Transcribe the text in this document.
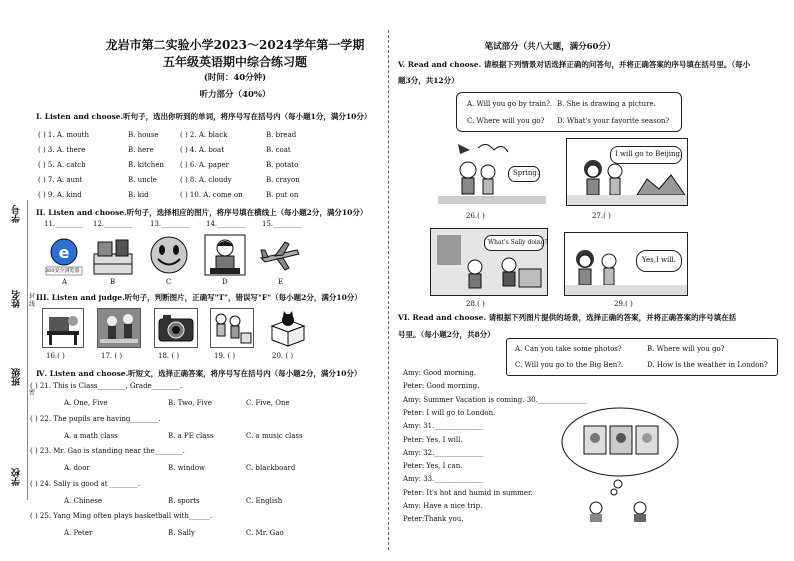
学号
姓名
班级
学校
封
线
密
龙岩市第二实验小学2023～2024学年第一学期
五年级英语期中综合练习题
(时间：40分钟)
听力部分（40%）
I. Listen and choose.听句子，选出你听到的单词，将序号写在括号内（每小题1分，满分10分）
( ) 1. A. mouth	B. house	( ) 2. A. black	B. bread
( ) 3. A. there	B. here	( ) 4. A. boat	B. coat
( ) 5. A. catch	B. kitchen ( ) 6. A. paper	B. potato
( ) 7. A. aunt	B. uncle	( ) 8. A. cloudy	B. crayon
( ) 9. A. kind	B. kid	( ) 10. A. come on	B. put on
II. Listen and choose.听句子，选择相应的图片，将序号填在横线上（每小题2分，满分10分）
11.________ 12.________	13.________ 14.________ 15.________
e
360安全浏览器
A	B	C	D	E
III. Listen and judge.听句子，判断图片，正确写"T"，错误写"F"（每小题2分，满分10分）
16.( )	17. ( )	18. ( )	19. ( )	20. ( )
Ⅳ. Listen and choose.听短文，选择正确答案，将序号写在括号内（每小题2分，满分10分）
( ) 21. This is Class________, Grade________.
A. One, Five	B. Two, Five	C. Five, One
( ) 22. The pupils are having________.
A. a math class	B. a PE class	C. a music class
( ) 23. Mr. Gao is standing near the________.
A. door	B. window	C. blackboard
( ) 24. Sally is good at ________.
A. Chinese	B. sports	C. English
( ) 25. Yang Ming often plays basketball with______.
A. Peter	B. Sally	C. Mr. Gao
笔试部分（共八大题，满分60分）
V. Read and choose. 请根据下列情景对话选择正确的问答句，并将正确答案的序号填在括号里。（每小
题3分，共12分）
A. Will you go by train?. B. She is drawing a picture.
C. Where will you go? D. What's your favorite season?
Spring.
I will go to Beijing.
26.( )	27.( )
What's Sally doing?
Yes,I will.
28.( )	29.( )
VI. Read and choose. 请根据下列图片提供的场景，选择正确的答案，并将正确答案的序号填在括
号里。（每小题2分，共8分）
A. Can you take some photos?	B. Where will you go?
C. Will you go to the Big Ben?.	D. How is the weather in London?
Amy: Good morning.
Peter: Good morning.
Amy: Summer Vacation is coming. 30.______________
Peter: I will go to London.
Amy: 31.______________
Peter: Yes, I will.
Amy: 32.______________
Peter: Yes, I can.
Amy: 33.______________
Peter: It's hot and humid in summer.
Amy: Have a nice trip.
Peter:Thank you.
